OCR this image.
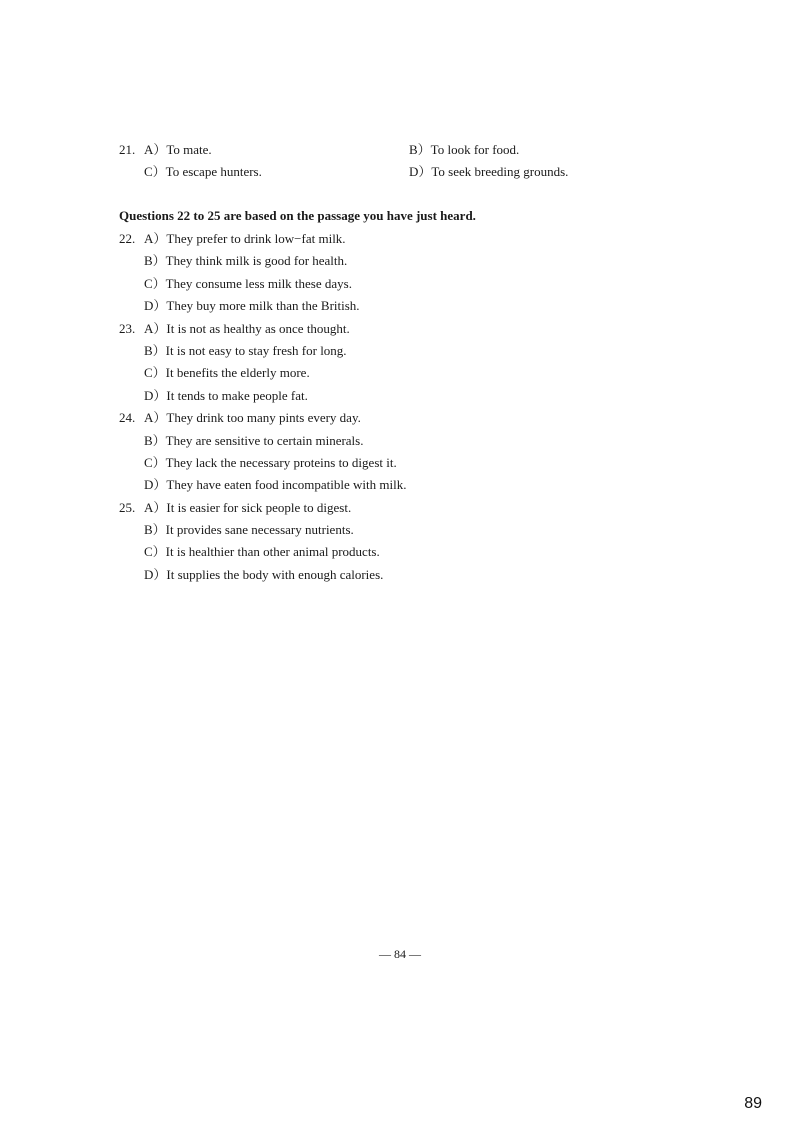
21. A）To mate.	B）To look for food.
C）To escape hunters.	D）To seek breeding grounds.
Questions 22 to 25 are based on the passage you have just heard.
22. A）They prefer to drink low−fat milk.
B）They think milk is good for health.
C）They consume less milk these days.
D）They buy more milk than the British.
23. A）It is not as healthy as once thought.
B）It is not easy to stay fresh for long.
C）It benefits the elderly more.
D）It tends to make people fat.
24. A）They drink too many pints every day.
B）They are sensitive to certain minerals.
C）They lack the necessary proteins to digest it.
D）They have eaten food incompatible with milk.
25. A）It is easier for sick people to digest.
B）It provides sane necessary nutrients.
C）It is healthier than other animal products.
D）It supplies the body with enough calories.
— 84 —
89
